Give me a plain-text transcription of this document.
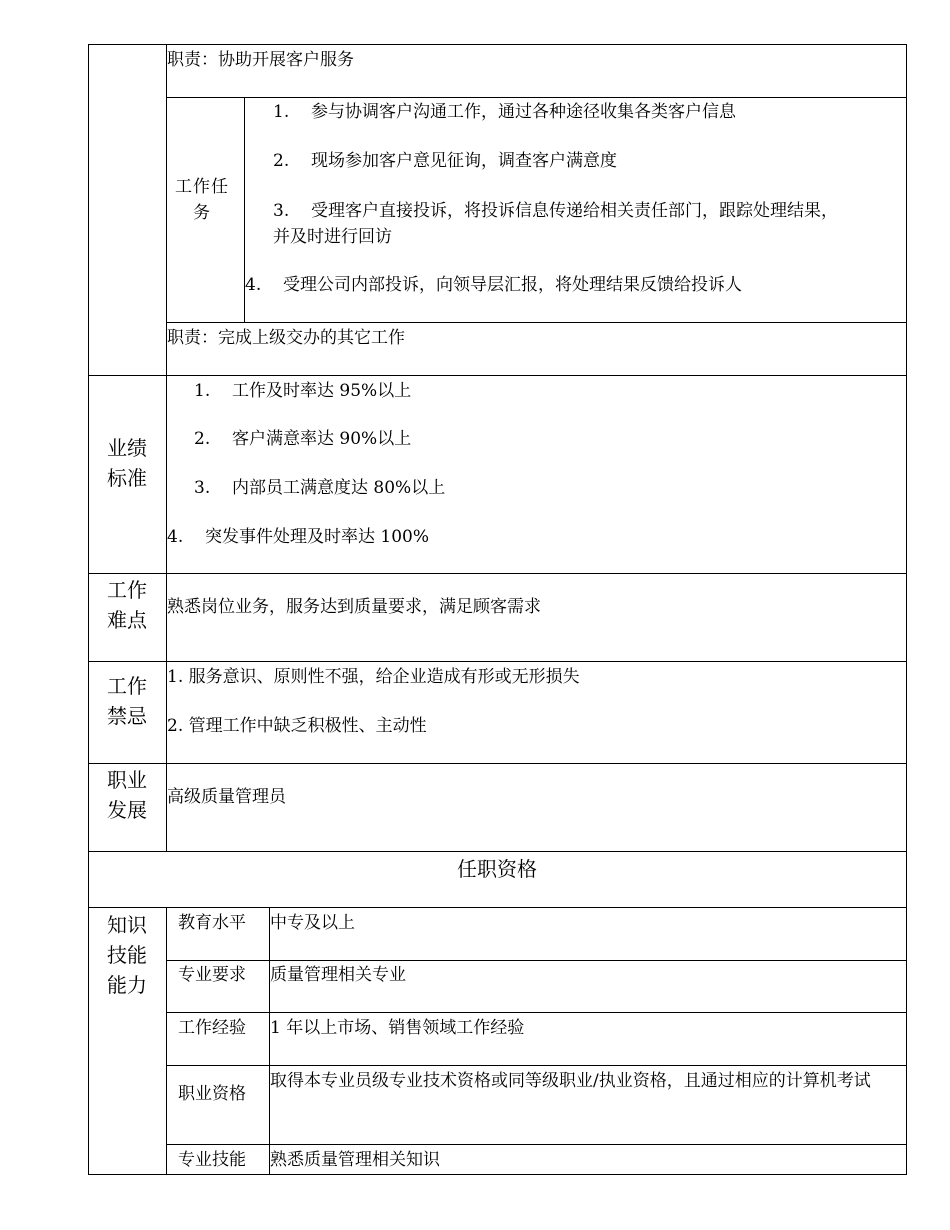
职责：协助开展客户服务
工作任务
1. 参与协调客户沟通工作，通过各种途径收集各类客户信息
2. 现场参加客户意见征询，调查客户满意度
3. 受理客户直接投诉，将投诉信息传递给相关责任部门，跟踪处理结果，
并及时进行回访
4. 受理公司内部投诉，向领导层汇报，将处理结果反馈给投诉人
职责：完成上级交办的其它工作
业绩
标准
1. 工作及时率达 95%以上
2. 客户满意率达 90%以上
3. 内部员工满意度达 80%以上
4. 突发事件处理及时率达 100%
工作
难点
熟悉岗位业务，服务达到质量要求，满足顾客需求
工作
禁忌
1. 服务意识、原则性不强，给企业造成有形或无形损失
2. 管理工作中缺乏积极性、主动性
职业
发展
高级质量管理员
任职资格
知识
技能
能力
教育水平 中专及以上
专业要求 质量管理相关专业
工作经验 1 年以上市场、销售领域工作经验
职业资格
取得本专业员级专业技术资格或同等级职业/执业资格，且通过相应的计算机考试
专业技能 熟悉质量管理相关知识
